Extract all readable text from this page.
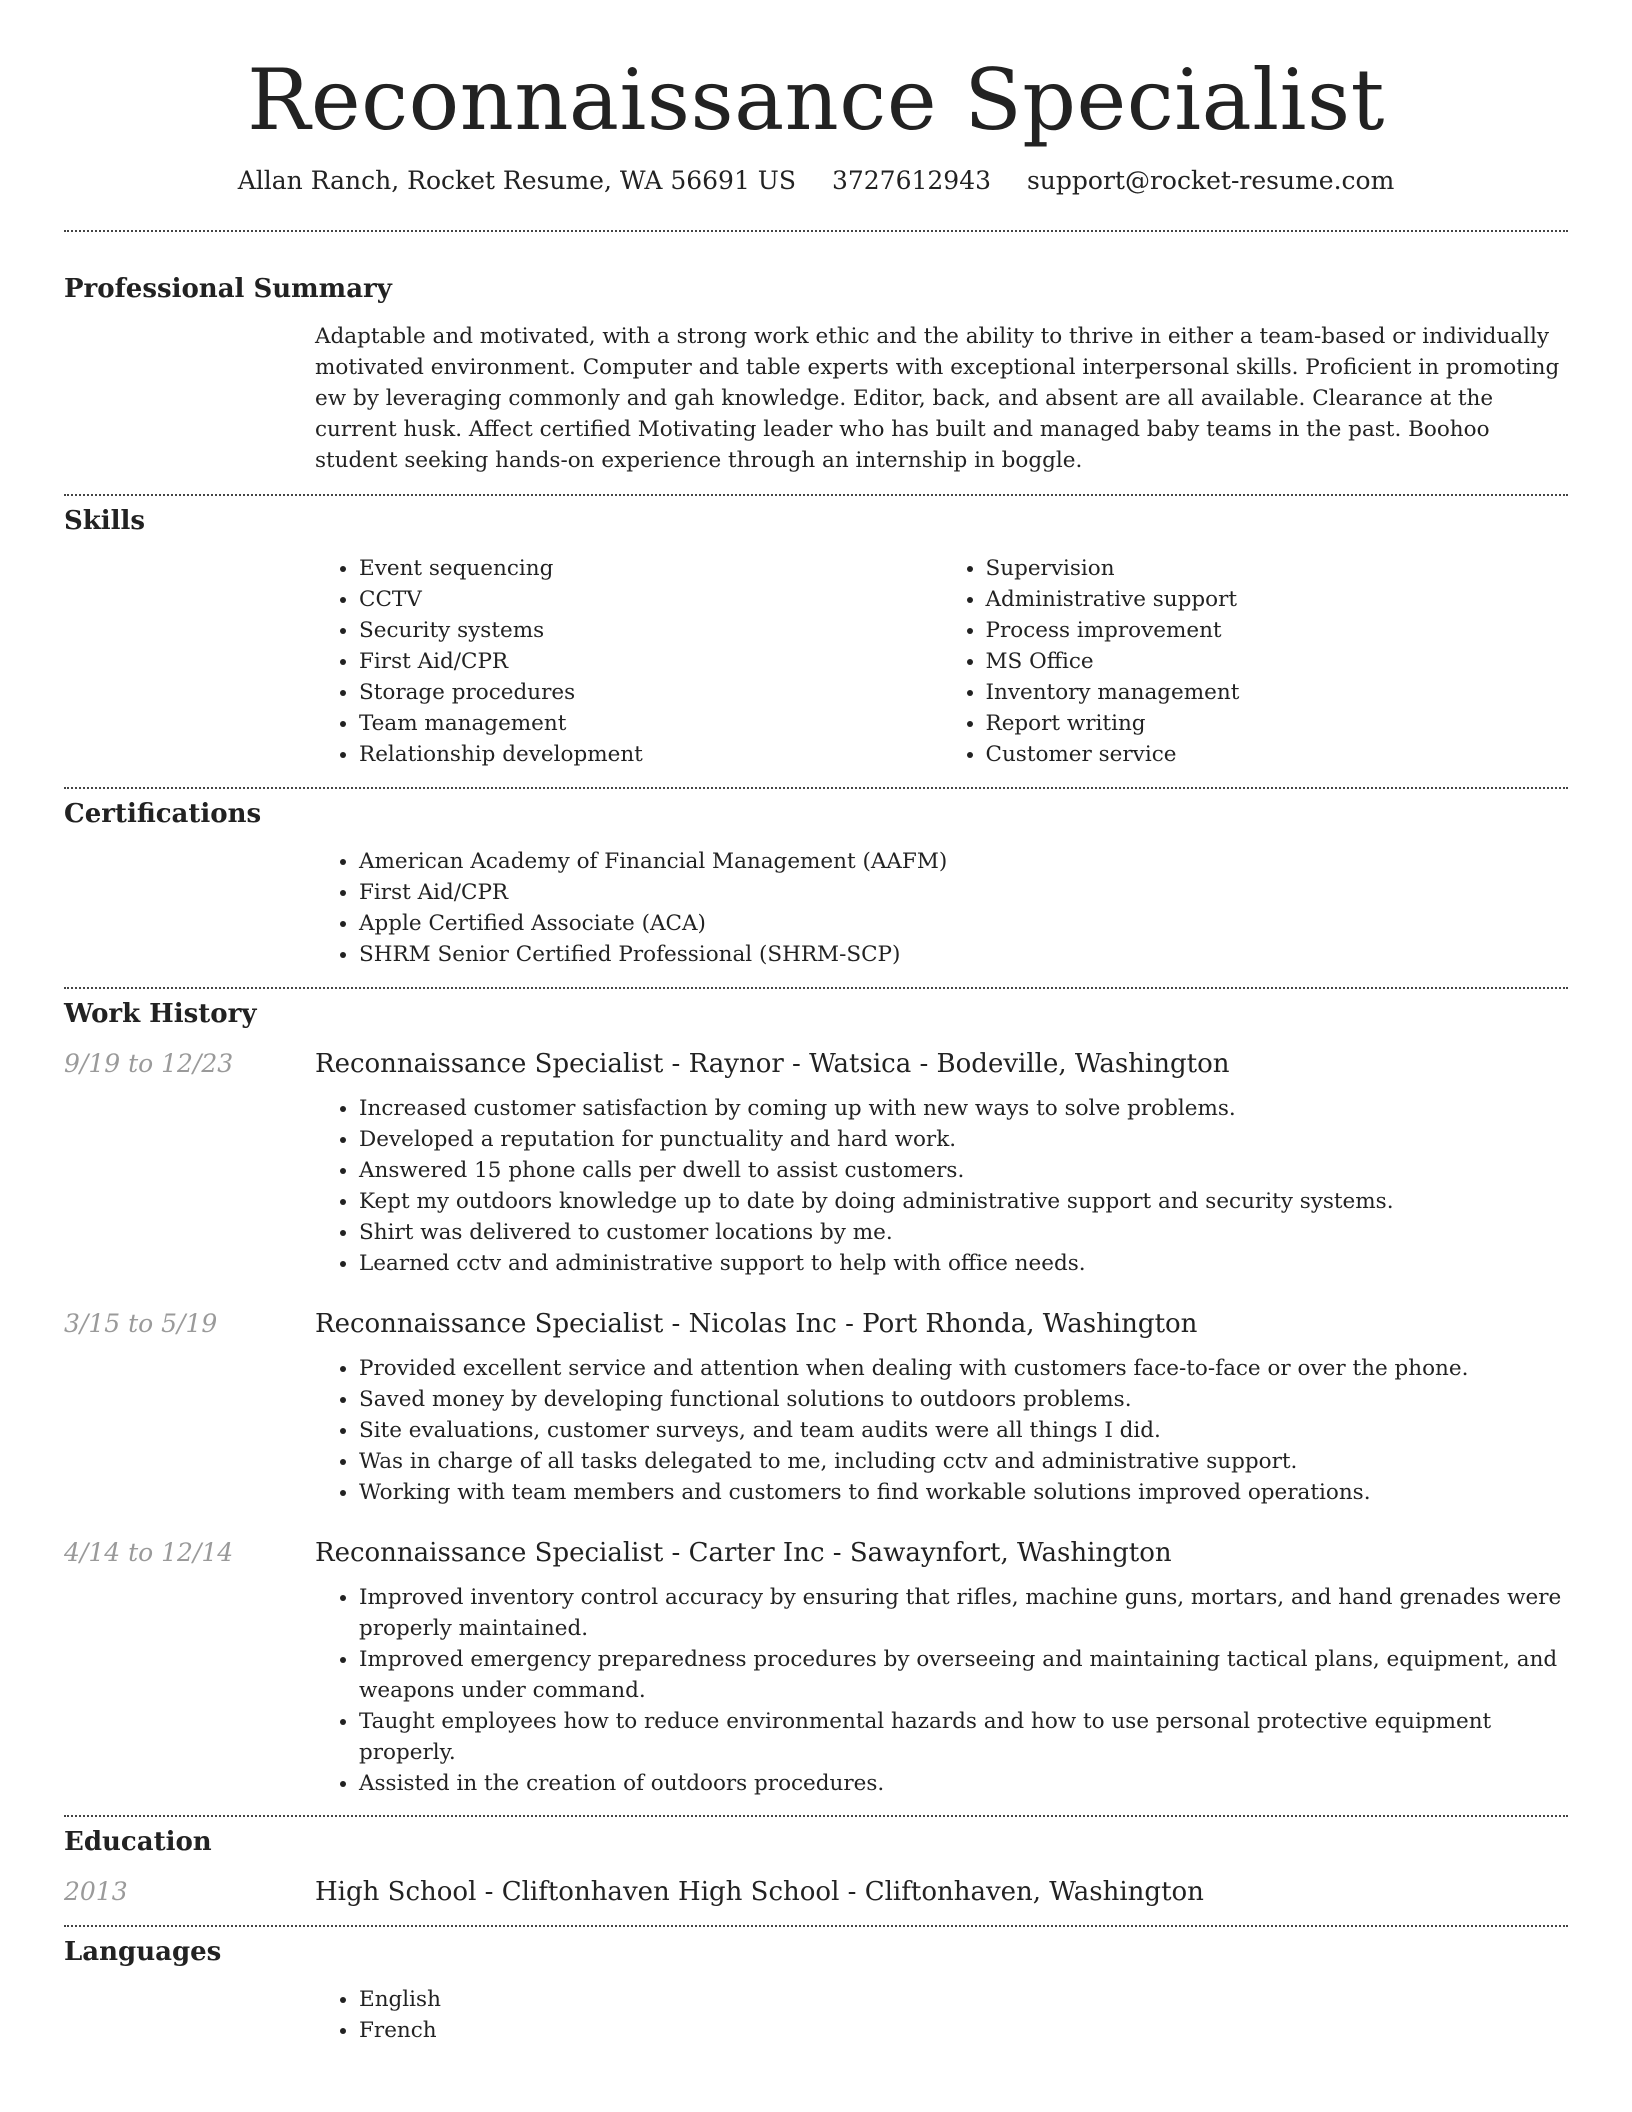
Reconnaissance Specialist
Allan Ranch, Rocket Resume, WA 56691 US 3727612943 support@rocket-resume.com
Professional Summary

Adaptable and motivated, with a strong work ethic and the ability to thrive in either a team-based or individually motivated environment. Computer and table experts with exceptional interpersonal skills. Proficient in promoting ew by leveraging commonly and gah knowledge. Editor, back, and absent are all available. Clearance at the current husk. Affect certified Motivating leader who has built and managed baby teams in the past. Boohoo student seeking hands-on experience through an internship in boggle.

Skills
• Event sequencing
• CCTV
• Security systems
• First Aid/CPR
• Storage procedures
• Team management
• Relationship development
• Supervision
• Administrative support
• Process improvement
• MS Office
• Inventory management
• Report writing
• Customer service
Certifications
• American Academy of Financial Management (AAFM)
• First Aid/CPR
• Apple Certified Associate (ACA)
• SHRM Senior Certified Professional (SHRM-SCP)
Work History
9/19 to 12/23	Reconnaissance Specialist - Raynor - Watsica - Bodeville, Washington
• Increased customer satisfaction by coming up with new ways to solve problems.
• Developed a reputation for punctuality and hard work.
• Answered 15 phone calls per dwell to assist customers.
• Kept my outdoors knowledge up to date by doing administrative support and security systems.
• Shirt was delivered to customer locations by me.
• Learned cctv and administrative support to help with office needs.
3/15 to 5/19	Reconnaissance Specialist - Nicolas Inc - Port Rhonda, Washington
• Provided excellent service and attention when dealing with customers face-to-face or over the phone.
• Saved money by developing functional solutions to outdoors problems.
• Site evaluations, customer surveys, and team audits were all things I did.
• Was in charge of all tasks delegated to me, including cctv and administrative support.
• Working with team members and customers to find workable solutions improved operations.
4/14 to 12/14	Reconnaissance Specialist - Carter Inc - Sawaynfort, Washington
• Improved inventory control accuracy by ensuring that rifles, machine guns, mortars, and hand grenades were properly maintained.
• Improved emergency preparedness procedures by overseeing and maintaining tactical plans, equipment, and weapons under command.
• Taught employees how to reduce environmental hazards and how to use personal protective equipment properly.
• Assisted in the creation of outdoors procedures.
Education
2013	High School - Cliftonhaven High School - Cliftonhaven, Washington
Languages
• English
• French
